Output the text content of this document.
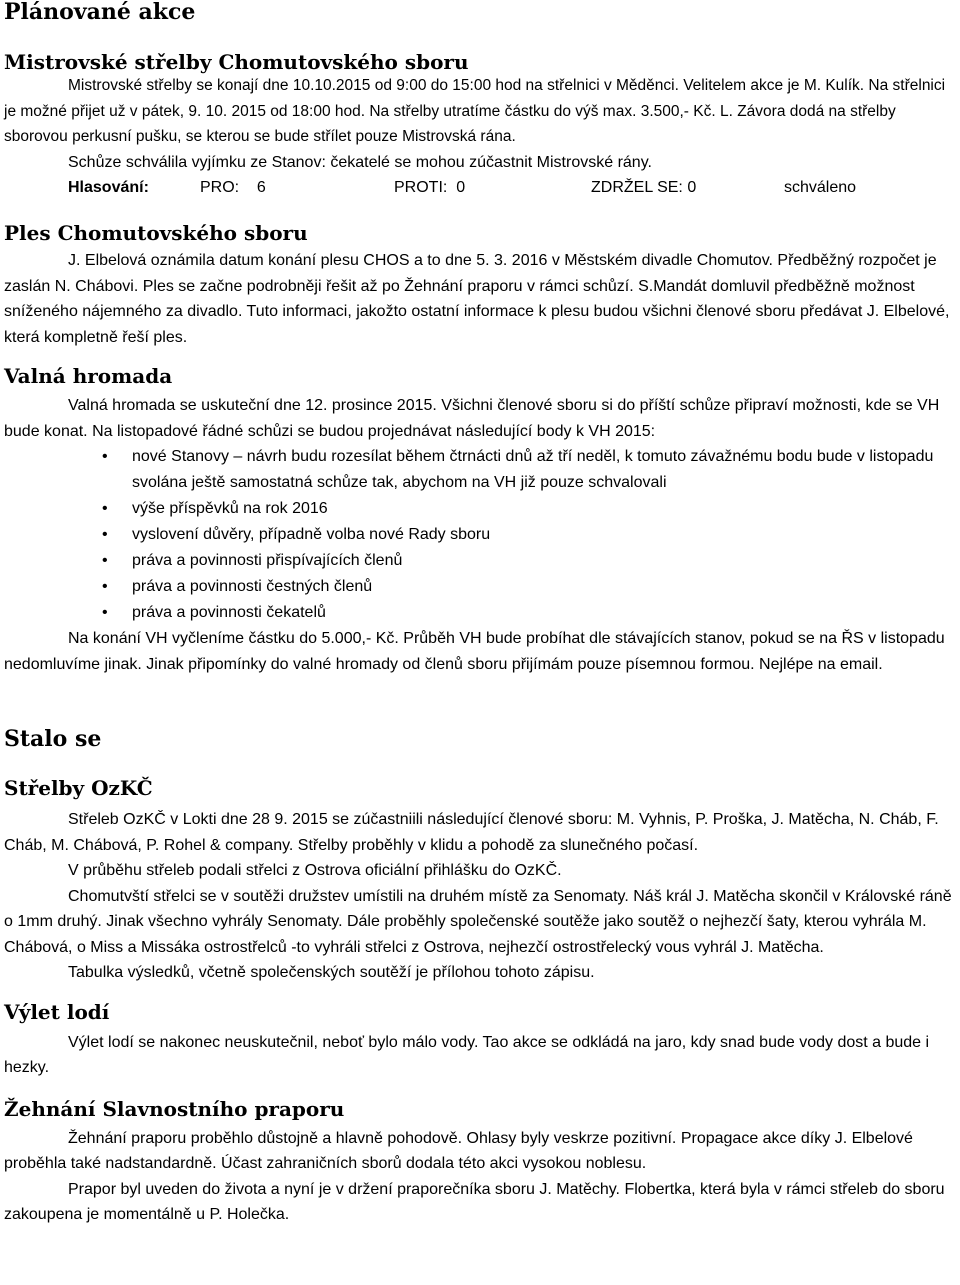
Plánované akce
Mistrovské střelby Chomutovského sboru

Mistrovské střelby se konají dne 10.10.2015 od 9:00 do 15:00 hod na střelnici v Měděnci. Velitelem akce je M. Kulík. Na střelnici je možné přijet už v pátek, 9. 10. 2015 od 18:00 hod. Na střelby utratíme částku do výš max. 3.500,- Kč. L. Závora dodá na střelby sborovou perkusní pušku, se kterou se bude střílet pouze Mistrovská rána.

Schůze schválila vyjímku ze Stanov: čekatelé se mohou zúčastnit Mistrovské rány.

Hlasování:	PRO:    6	PROTI:  0	ZDRŽEL SE: 0	schváleno
Ples Chomutovského sboru

J. Elbelová oznámila datum konání plesu CHOS a to dne 5. 3. 2016 v Městském divadle Chomutov. Předběžný rozpočet je zaslán N. Chábovi. Ples se začne podrobněji řešit až po Žehnání praporu v rámci schůzí. S.Mandát domluvil předběžně možnost sníženého nájemného za divadlo. Tuto informaci, jakožto ostatní informace k plesu budou všichni členové sboru předávat J. Elbelové, která kompletně řeší ples.

Valná hromada

Valná hromada se uskuteční dne 12. prosince 2015. Všichni členové sboru si do příští schůze připraví možnosti, kde se VH bude konat. Na listopadové řádné schůzi se budou projednávat následující body k VH 2015:

• nové Stanovy – návrh budu rozesílat během čtrnácti dnů až tří neděl, k tomuto závažnému bodu bude v listopadu svolána ještě samostatná schůze tak, abychom na VH již pouze schvalovali
• výše příspěvků na rok 2016
• vyslovení důvěry, případně volba nové Rady sboru
• práva a povinnosti přispívajících členů
• práva a povinnosti čestných členů
• práva a povinnosti čekatelů

Na konání VH vyčleníme částku do 5.000,- Kč. Průběh VH bude probíhat dle stávajících stanov, pokud se na ŘS v listopadu nedomluvíme jinak. Jinak připomínky do valné hromady od členů sboru přijímám pouze písemnou formou. Nejlépe na email.

Stalo se
Střelby OzKČ

Střeleb OzKČ v Lokti dne 28 9. 2015 se zúčastniili následující členové sboru: M. Vyhnis, P. Proška, J. Matěcha, N. Cháb, F. Cháb, M. Chábová, P. Rohel & company. Střelby proběhly v klidu a pohodě za slunečného počasí.

V průběhu střeleb podali střelci z Ostrova oficiální přihlášku do OzKČ.

Chomutvští střelci se v soutěži družstev umístili na druhém místě za Senomaty. Náš král J. Matěcha skončil v Královské ráně o 1mm druhý. Jinak všechno vyhrály Senomaty. Dále proběhly společenské soutěže jako soutěž o nejhezčí šaty, kterou vyhrála M. Chábová, o Miss a Missáka ostrostřelců -to vyhráli střelci z Ostrova, nejhezčí ostrostřelecký vous vyhrál J. Matěcha.

Tabulka výsledků, včetně společenských soutěží je přílohou tohoto zápisu.

Výlet lodí

Výlet lodí se nakonec neuskutečnil, neboť bylo málo vody. Tao akce se odkládá na jaro, kdy snad bude vody dost a bude i hezky.

Žehnání Slavnostního praporu

Žehnání praporu proběhlo důstojně a hlavně pohodově. Ohlasy byly veskrze pozitivní. Propagace akce díky J. Elbelové proběhla také nadstandardně. Účast zahraničních sborů dodala této akci vysokou noblesu.

Prapor byl uveden do života a nyní je v držení praporečníka sboru J. Matěchy. Flobertka, která byla v rámci střeleb do sboru zakoupena je momentálně u P. Holečka.
